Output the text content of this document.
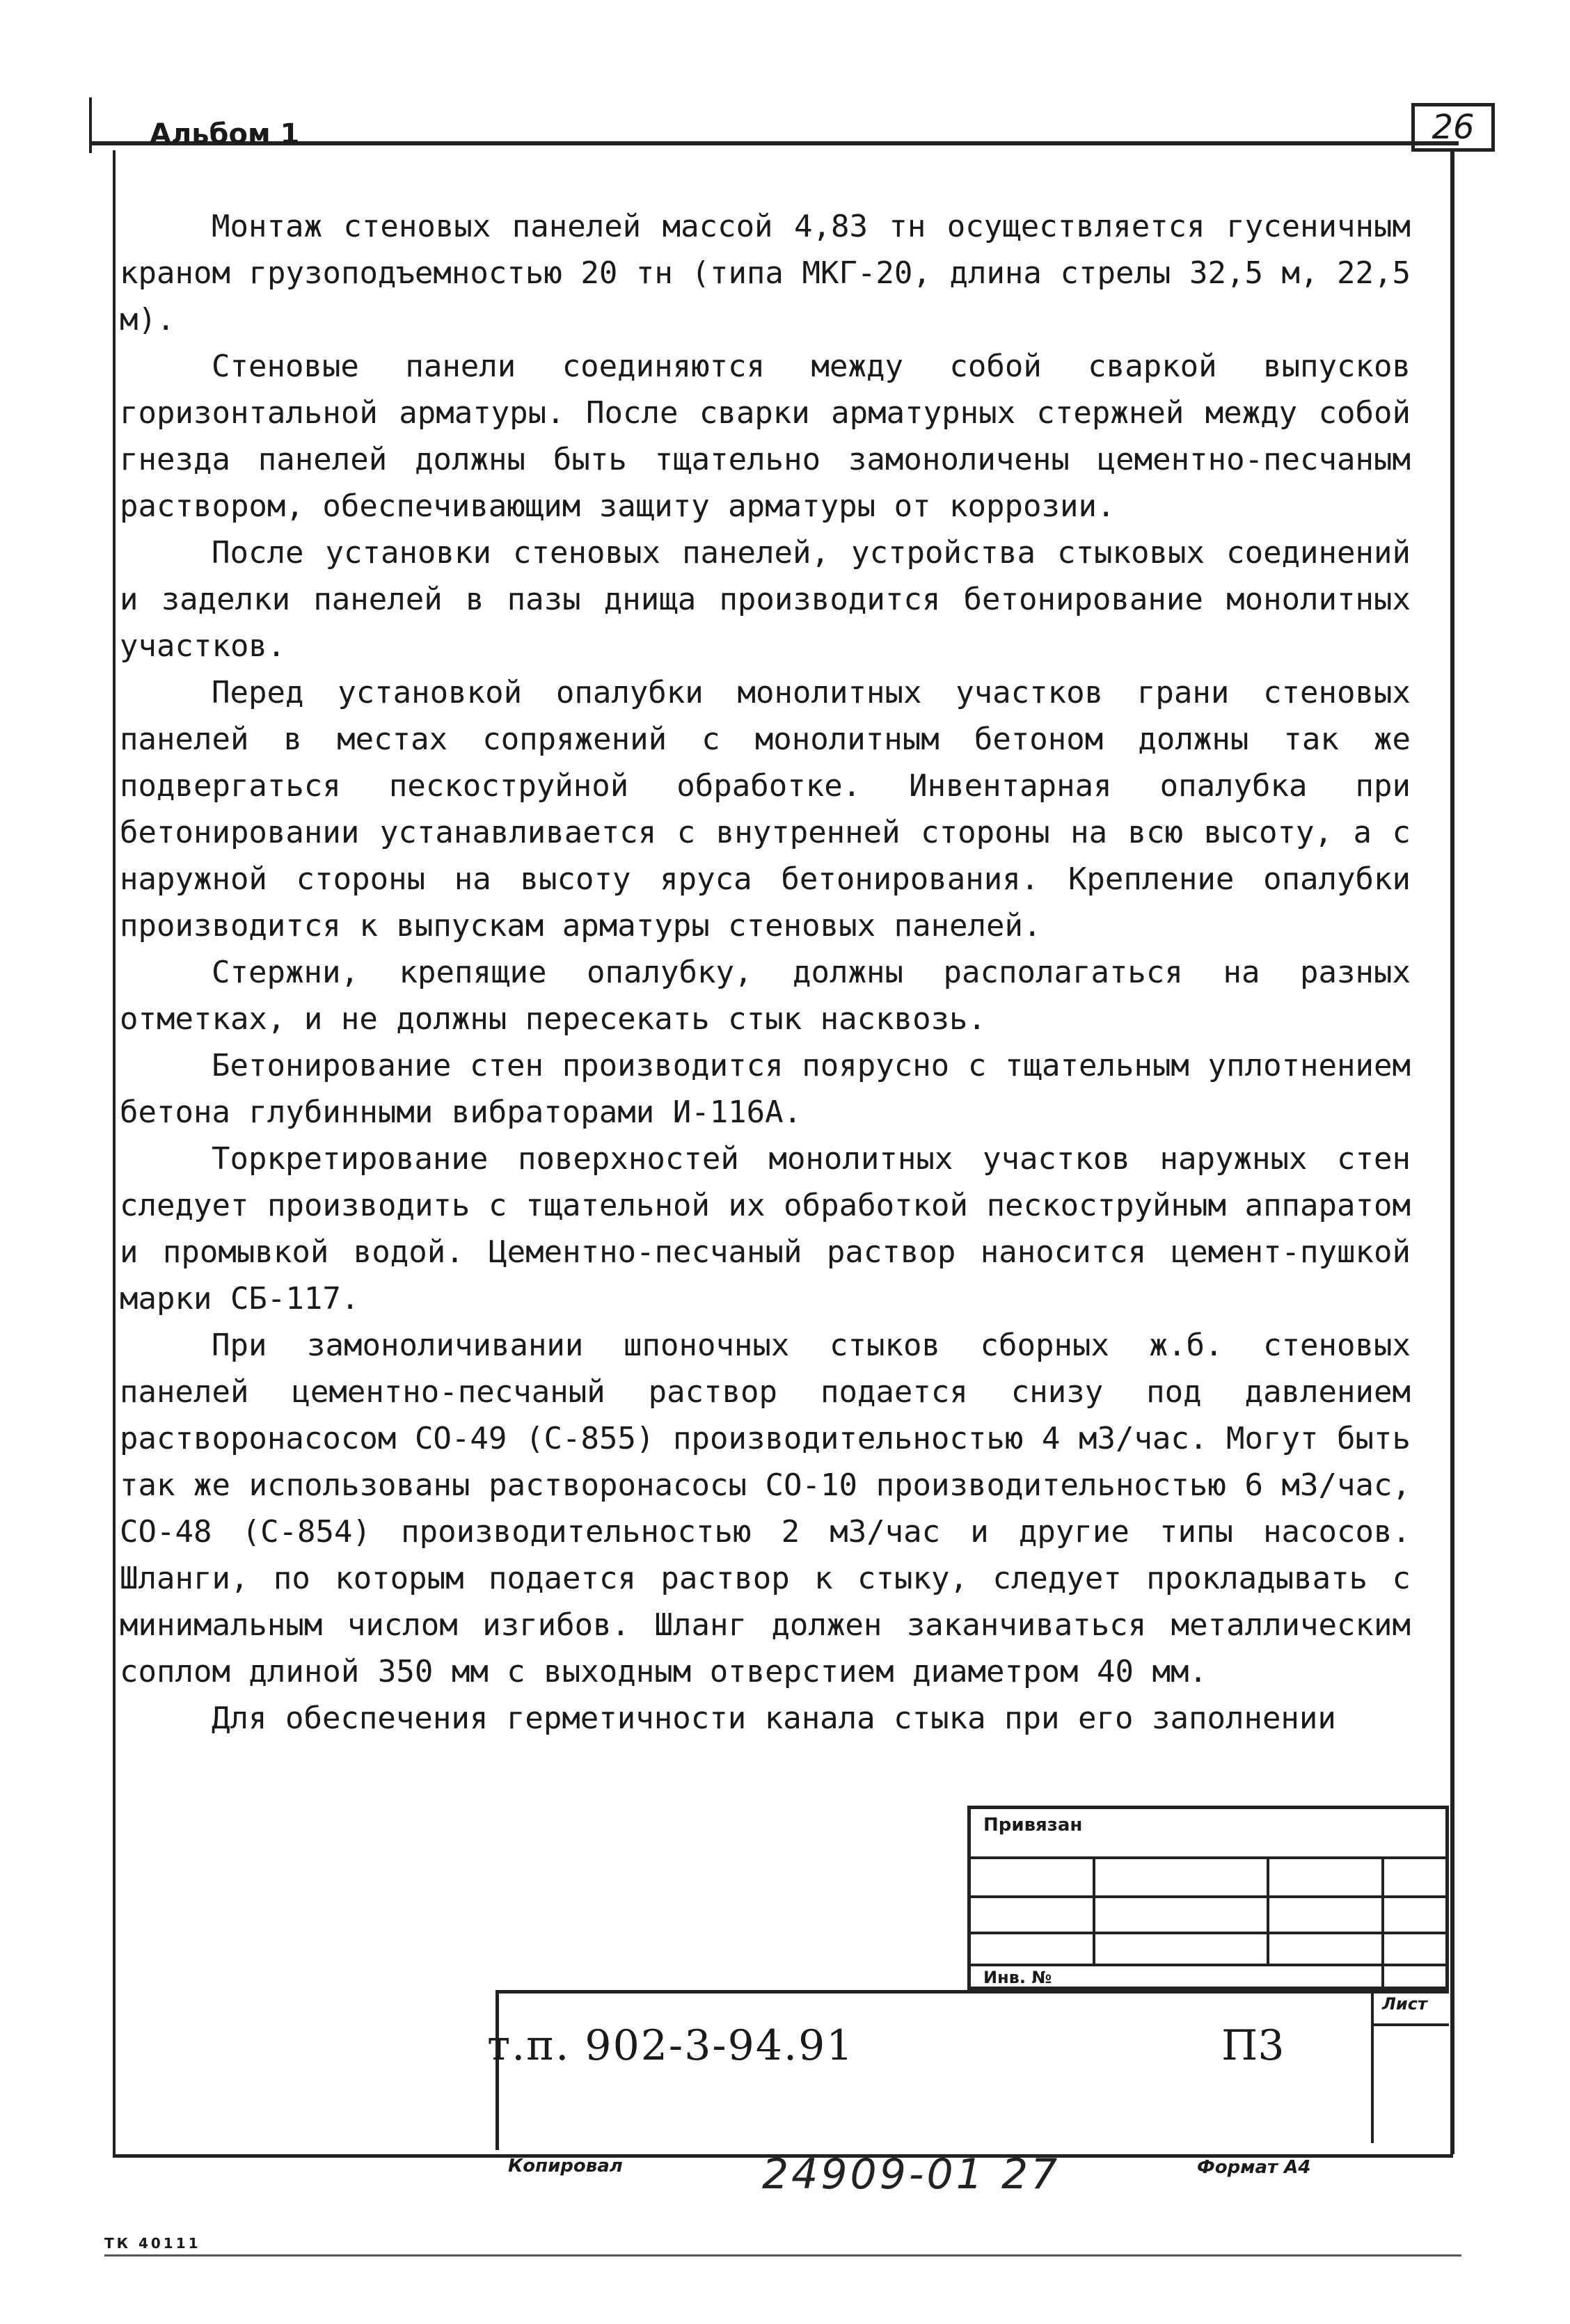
Альбом 1	26

Монтаж стеновых панелей массой 4,83 тн осуществляется гусеничным краном грузоподъемностью 20 тн (типа МКГ-20, длина стрелы 32,5 м, 22,5 м).

Стеновые панели соединяются между собой сваркой выпусков горизонтальной арматуры. После сварки арматурных стержней между собой гнезда панелей должны быть тщательно замоноличены цементно-песчаным раствором, обеспечивающим защиту арматуры от коррозии.

После установки стеновых панелей, устройства стыковых соединений и заделки панелей в пазы днища производится бетонирование монолитных участков.

Перед установкой опалубки монолитных участков грани стеновых панелей в местах сопряжений с монолитным бетоном должны так же подвергаться пескоструйной обработке. Инвентарная опалубка при бетонировании устанавливается с внутренней стороны на всю высоту, а с наружной стороны на высоту яруса бетонирования. Крепление опалубки производится к выпускам арматуры стеновых панелей.

Стержни, крепящие опалубку, должны располагаться на разных отметках, и не должны пересекать стык насквозь.

Бетонирование стен производится поярусно с тщательным уплотнением бетона глубинными вибраторами И-116А.

Торкретирование поверхностей монолитных участков наружных стен следует производить с тщательной их обработкой пескоструйным аппаратом и промывкой водой. Цементно-песчаный раствор наносится цемент-пушкой марки СБ-117.

При замоноличивании шпоночных стыков сборных ж.б. стеновых панелей цементно-песчаный раствор подается снизу под давлением растворонасосом СО-49 (С-855) производительностью 4 м3/час. Могут быть так же использованы растворонасосы СО-10 производительностью 6 м3/час, СО-48 (С-854) производительностью 2 м3/час и другие типы насосов. Шланги, по которым подается раствор к стыку, следует прокладывать с минимальным числом изгибов. Шланг должен заканчиваться металлическим соплом длиной 350 мм с выходным отверстием диаметром 40 мм.

Для обеспечения герметичности канала стыка при его заполнении

Привязан
Инв. №
т.п. 902-3-94.91	П3
Лист
Копировал	24909-01 27	Формат А4
ТК 40111
